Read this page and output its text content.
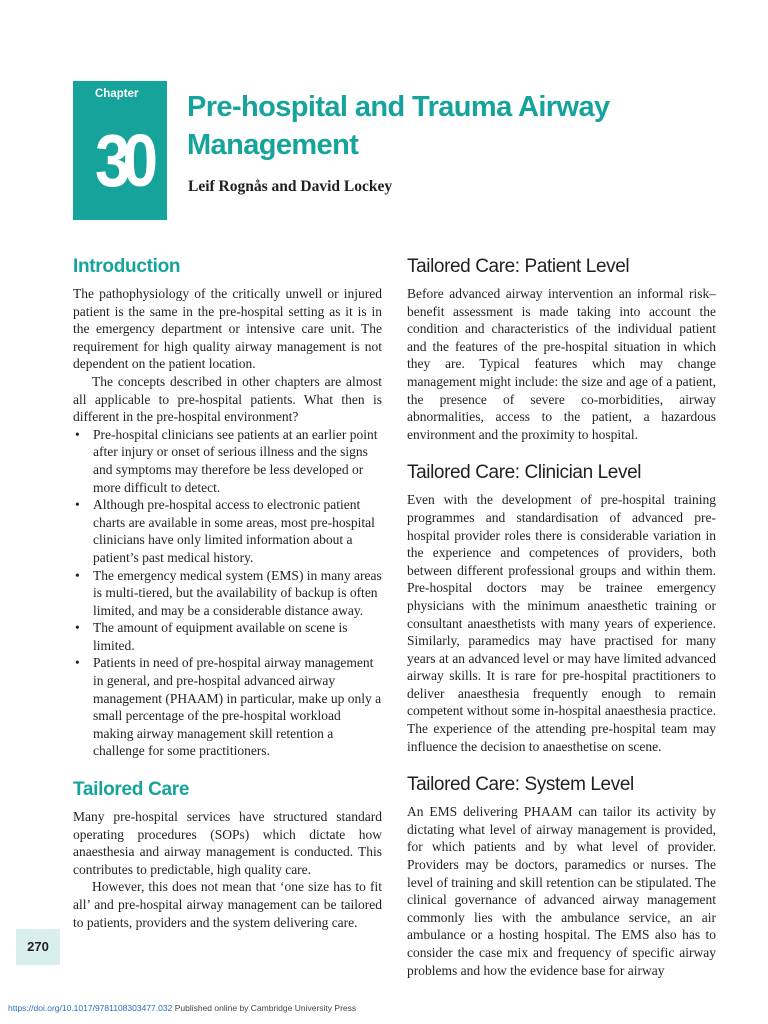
Chapter
30
Pre-hospital and Trauma Airway Management

Leif Rognås and David Lockey

Introduction

The pathophysiology of the critically unwell or injured patient is the same in the pre-hospital setting as it is in the emergency department or intensive care unit. The requirement for high quality airway management is not dependent on the patient location.

The concepts described in other chapters are almost all applicable to pre-hospital patients. What then is different in the pre-hospital environment?

• Pre-hospital clinicians see patients at an earlier point after injury or onset of serious illness and the signs and symptoms may therefore be less developed or more difficult to detect.
• Although pre-hospital access to electronic patient charts are available in some areas, most pre-hospital clinicians have only limited information about a patient’s past medical history.
• The emergency medical system (EMS) in many areas is multi-tiered, but the availability of backup is often limited, and may be a considerable distance away.
• The amount of equipment available on scene is limited.
• Patients in need of pre-hospital airway management in general, and pre-hospital advanced airway management (PHAAM) in particular, make up only a small percentage of the pre-hospital workload making airway management skill retention a challenge for some practitioners.
Tailored Care

Many pre-hospital services have structured standard operating procedures (SOPs) which dictate how anaesthesia and airway management is conducted. This contributes to predictable, high quality care.

However, this does not mean that ‘one size has to fit all’ and pre-hospital airway management can be tailored to patients, providers and the system delivering care.

Tailored Care: Patient Level

Before advanced airway intervention an informal risk–benefit assessment is made taking into account the condition and characteristics of the individual patient and the features of the pre-hospital situation in which they are. Typical features which may change management might include: the size and age of a patient, the presence of severe co-morbidities, airway abnormalities, access to the patient, a hazardous environment and the proximity to hospital.

Tailored Care: Clinician Level

Even with the development of pre-hospital training programmes and standardisation of advanced pre-hospital provider roles there is considerable variation in the experience and competences of providers, both between different professional groups and within them. Pre-hospital doctors may be trainee emergency physicians with the minimum anaesthetic training or consultant anaesthetists with many years of experience. Similarly, paramedics may have practised for many years at an advanced level or may have limited advanced airway skills. It is rare for pre-hospital practitioners to deliver anaesthesia frequently enough to remain competent without some in-hospital anaesthesia practice. The experience of the attending pre-hospital team may influence the decision to anaesthetise on scene.

Tailored Care: System Level

An EMS delivering PHAAM can tailor its activity by dictating what level of airway management is provided, for which patients and by what level of provider. Providers may be doctors, paramedics or nurses. The level of training and skill retention can be stipulated. The clinical governance of advanced airway management commonly lies with the ambulance service, an air ambulance or a hosting hospital. The EMS also has to consider the case mix and frequency of specific airway problems and how the evidence base for airway

270
https://doi.org/10.1017/9781108303477.032 Published online by Cambridge University Press
